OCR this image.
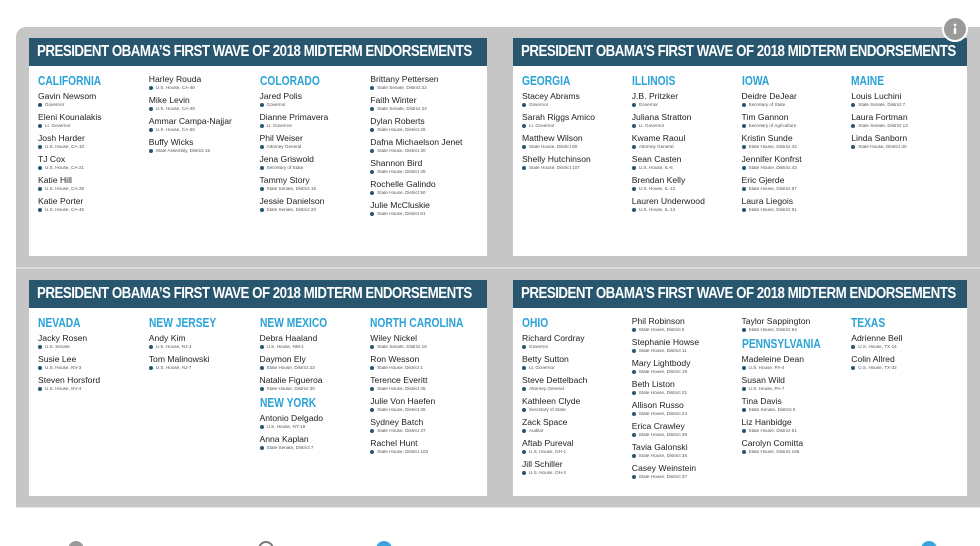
PRESIDENT OBAMA’S FIRST WAVE OF 2018 MIDTERM ENDORSEMENTS
CALIFORNIA
Gavin Newsom
Governor
Eleni Kounalakis
Lt. Governor
Josh Harder
U.S. House, CA-10
TJ Cox
U.S. House, CA-21
Katie Hill
U.S. House, CA-25
Katie Porter
U.S. House, CA-45
Harley Rouda
U.S. House, CA-48
Mike Levin
U.S. House, CA-49
Ammar Campa-Najjar
U.S. House, CA-50
Buffy Wicks
State Assembly, District 15
COLORADO
Jared Polis
Governor
Dianne Primavera
Lt. Governor
Phil Weiser
Attorney General
Jena Griswold
Secretary of State
Tammy Story
State Senate, District 16
Jessie Danielson
State Senate, District 20
Brittany Pettersen
State Senate, District 22
Faith Winter
State Senate, District 24
Dylan Roberts
State House, District 26
Dafna Michaelson Jenet
State House, District 30
Shannon Bird
State House, District 35
Rochelle Galindo
State House, District 50
Julie McCluskie
State House, District 61
PRESIDENT OBAMA’S FIRST WAVE OF 2018 MIDTERM ENDORSEMENTS
GEORGIA
Stacey Abrams
Governor
Sarah Riggs Amico
Lt. Governor
Matthew Wilson
State House, District 80
Shelly Hutchinson
State House, District 107
ILLINOIS
J.B. Pritzker
Governor
Juliana Stratton
Lt. Governor
Kwame Raoul
Attorney General
Sean Casten
U.S. House, IL-6
Brendan Kelly
U.S. House, IL-12
Lauren Underwood
U.S. House, IL-14
IOWA
Deidre DeJear
Secretary of State
Tim Gannon
Secretary of Agriculture
Kristin Sunde
State House, District 42
Jennifer Konfrst
State House, District 43
Eric Gjerde
State House, District 67
Laura Liegois
State House, District 91
MAINE
Louis Luchini
State Senate, District 7
Laura Fortman
State Senate, District 13
Linda Sanborn
State House, District 30
PRESIDENT OBAMA’S FIRST WAVE OF 2018 MIDTERM ENDORSEMENTS
NEVADA
Jacky Rosen
U.S. Senate
Susie Lee
U.S. House, NV-3
Steven Horsford
U.S. House, NV-4
NEW JERSEY
Andy Kim
U.S. House, NJ-3
Tom Malinowski
U.S. House, NJ-7
NEW MEXICO
Debra Haaland
U.S. House, NM-1
Daymon Ely
State House, District 23
Natalie Figueroa
State House, District 30
NEW YORK
Antonio Delgado
U.S. House, NY-19
Anna Kaplan
State Senate, District 7
NORTH CAROLINA
Wiley Nickel
State Senate, District 16
Ron Wesson
State House, District 1
Terence Everitt
State House, District 35
Julie Von Haefen
State House, District 36
Sydney Batch
State House, District 37
Rachel Hunt
State House, District 103
PRESIDENT OBAMA’S FIRST WAVE OF 2018 MIDTERM ENDORSEMENTS
OHIO
Richard Cordray
Governor
Betty Sutton
Lt. Governor
Steve Dettelbach
Attorney General
Kathleen Clyde
Secretary of State
Zack Space
Auditor
Aftab Pureval
U.S. House, OH-1
Jill Schiller
U.S. House, OH-2
Phil Robinson
State House, District 6
Stephanie Howse
State House, District 11
Mary Lightbody
State House, District 19
Beth Liston
State House, District 21
Allison Russo
State House, District 24
Erica Crawley
State House, District 26
Tavia Galonski
State House, District 35
Casey Weinstein
State House, District 37
Taylor Sappington
State House, District 94
PENNSYLVANIA
Madeleine Dean
U.S. House, PA-4
Susan Wild
U.S. House, PA-7
Tina Davis
State Senate, District 6
Liz Hanbidge
State House, District 61
Carolyn Comitta
State House, District 156
TEXAS
Adrienne Bell
U.S. House, TX-14
Colin Allred
U.S. House, TX-32
